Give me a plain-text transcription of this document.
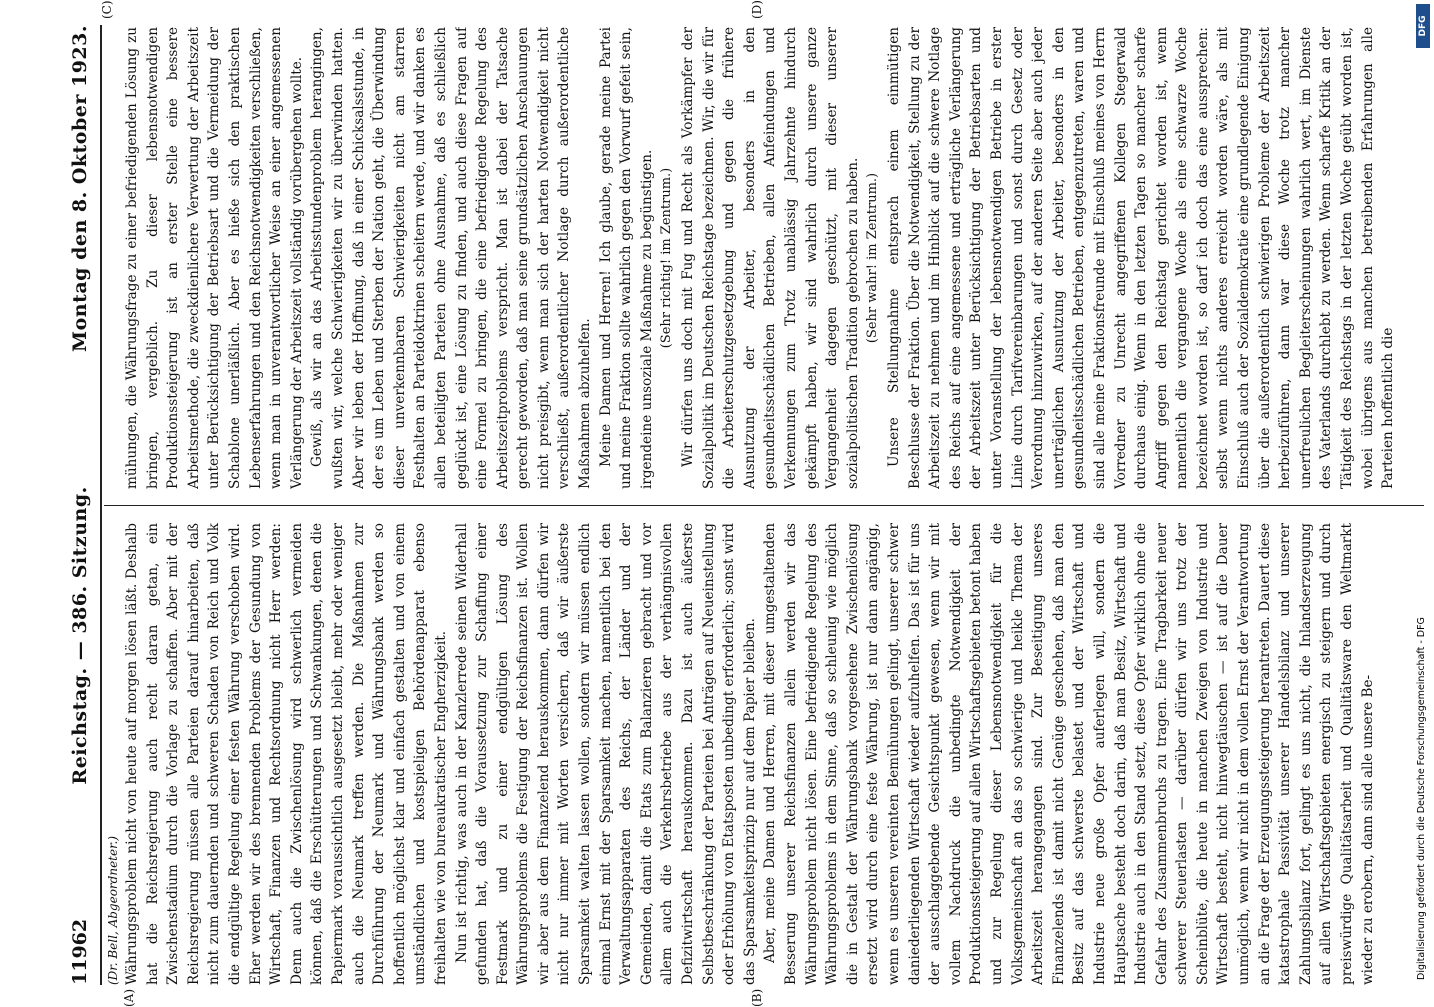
11962
Reichstag. — 386. Sitzung.
Montag den 8. Oktober 1923.
(Dr. Bell, Abgeordneter.)
(A)	(B)
(C)	(D)

Währungsproblem nicht von heute auf morgen lösen läßt. Deshalb hat die Reichsregierung auch recht daran getan, ein Zwischenstadium durch die Vorlage zu schaffen. Aber mit der Reichsregierung müssen alle Parteien darauf hinarbeiten, daß nicht zum dauernden und schweren Schaden von Reich und Volk die endgültige Regelung einer festen Währung verschoben wird. Eher werden wir des brennenden Problems der Gesundung von Wirtschaft, Finanzen und Rechtsordnung nicht Herr werden: Denn auch die Zwischenlösung wird schwerlich vermeiden können, daß die Erschütterungen und Schwankungen, denen die Papiermark voraussichtlich ausgesetzt bleibt, mehr oder weniger auch die Neumark treffen werden. Die Maßnahmen zur Durchführung der Neumark und Währungsbank werden so hoffentlich möglichst klar und einfach gestalten und von einem umständlichen und kostspieligen Behördenapparat ebenso freihalten wie von bureaukratischer Engherzigkeit. Nun ist richtig, was auch in der Kanzlerrede seinen Widerhall gefunden hat, daß die Voraussetzung zur Schaffung einer Festmark und zu einer endgültigen Lösung des Währungsproblems die Festigung der Reichsfinanzen ist. Wollen wir aber aus dem Finanzelend herauskommen, dann dürfen wir nicht nur immer mit Worten versichern, daß wir äußerste Sparsamkeit walten lassen wollen, sondern wir müssen endlich einmal Ernst mit der Sparsamkeit machen, namentlich bei den Verwaltungsapparaten des Reichs, der Länder und der Gemeinden, damit die Etats zum Balanzieren gebracht und vor allem auch die Verkehrsbetriebe aus der verhängnisvollen Defizitwirtschaft herauskommen. Dazu ist auch äußerste Selbstbeschränkung der Parteien bei Anträgen auf Neueinstellung oder Erhöhung von Etatsposten unbedingt erforderlich; sonst wird das Sparsamkeitsprinzip nur auf dem Papier bleiben. Aber, meine Damen und Herren, mit dieser umgestaltenden Besserung unserer Reichsfinanzen allein werden wir das Währungsproblem nicht lösen. Eine befriedigende Regelung des Währungsproblems in dem Sinne, daß so schleunig wie möglich die in Gestalt der Währungsbank vorgesehene Zwischenlösung ersetzt wird durch eine feste Währung, ist nur dann angängig, wenn es unseren vereinten Bemühungen gelingt, unserer schwer daniederliegenden Wirtschaft wieder aufzuhelfen. Das ist für uns der ausschlaggebende Gesichtspunkt gewesen, wenn wir mit vollem Nachdruck die unbedingte Notwendigkeit der Produktionssteigerung auf allen Wirtschaftsgebieten betont haben und zur Regelung dieser Lebensnotwendigkeit für die Volksgemeinschaft an das so schwierige und heikle Thema der Arbeitszeit herangegangen sind. Zur Beseitigung unseres Finanzelends ist damit nicht Genüge geschehen, daß man den Besitz auf das schwerste belastet und der Wirtschaft und Industrie neue große Opfer auferlegen will, sondern die Hauptsache besteht doch darin, daß man Besitz, Wirtschaft und Industrie auch in den Stand setzt, diese Opfer wirklich ohne die Gefahr des Zusammenbruchs zu tragen. Eine Tragbarkeit neuer schwerer Steuerlasten — darüber dürfen wir uns trotz der Scheinblüte, die heute in manchen Zweigen von Industrie und Wirtschaft besteht, nicht hinwegtäuschen — ist auf die Dauer unmöglich, wenn wir nicht in dem vollen Ernst der Verantwortung an die Frage der Erzeugungssteigerung herantreten. Dauert diese katastrophale Passivität unserer Handelsbilanz und unserer Zahlungsbilanz fort, gelingt es uns nicht, die Inlandserzeugung auf allen Wirtschaftsgebieten energisch zu steigern und durch preiswürdige Qualitätsarbeit und Qualitätsware den Weltmarkt wieder zu erobern, dann sind alle unsere Be-

mühungen, die Währungsfrage zu einer befriedigenden Lösung zu bringen, vergeblich. Zu dieser lebensnotwendigen Produktionssteigerung ist an erster Stelle eine bessere Arbeitsmethode, die zweckdienlichere Verwertung der Arbeitszeit unter Berücksichtigung der Betriebsart und die Vermeidung der Schablone unerläßlich. Aber es hieße sich den praktischen Lebenserfahrungen und den Reichsnotwendigkeiten verschließen, wenn man in unverantwortlicher Weise an einer angemessenen Verlängerung der Arbeitszeit vollständig vorübergehen wollte. Gewiß, als wir an das Arbeitsstundenproblem herangingen, wußten wir, welche Schwierigkeiten wir zu überwinden hatten. Aber wir leben der Hoffnung, daß in einer Schicksalsstunde, in der es um Leben und Sterben der Nation geht, die Überwindung dieser unverkennbaren Schwierigkeiten nicht am starren Festhalten an Parteidoktrinen scheitern werde, und wir danken es allen beteiligten Parteien ohne Ausnahme, daß es schließlich geglückt ist, eine Lösung zu finden, und auch diese Fragen auf eine Formel zu bringen, die eine befriedigende Regelung des Arbeitszeitproblems verspricht. Man ist dabei der Tatsache gerecht geworden, daß man seine grundsätzlichen Anschauungen nicht preisgibt, wenn man sich der harten Notwendigkeit nicht verschließt, außerordentlicher Notlage durch außerordentliche Maßnahmen abzuhelfen. Meine Damen und Herren! Ich glaube, gerade meine Partei und meine Fraktion sollte wahrlich gegen den Vorwurf gefeit sein, irgendeine unsoziale Maßnahme zu begünstigen. (Sehr richtig! im Zentrum.) Wir dürfen uns doch mit Fug und Recht als Vorkämpfer der Sozialpolitik im Deutschen Reichstage bezeichnen. Wir, die wir für die Arbeiterschutzgesetzgebung und gegen die frühere Ausnutzung der Arbeiter, besonders in den gesundheitsschädlichen Betrieben, allen Anfeindungen und Verkennungen zum Trotz unablässig Jahrzehnte hindurch gekämpft haben, wir sind wahrlich durch unsere ganze Vergangenheit dagegen geschützt, mit dieser unserer sozialpolitischen Tradition gebrochen zu haben. (Sehr wahr! im Zentrum.) Unsere Stellungnahme entsprach einem einmütigen Beschlusse der Fraktion. Über die Notwendigkeit, Stellung zu der Arbeitszeit zu nehmen und im Hinblick auf die schwere Notlage des Reichs auf eine angemessene und erträgliche Verlängerung der Arbeitszeit unter Berücksichtigung der Betriebsarten und unter Voranstellung der lebensnotwendigen Betriebe in erster Linie durch Tarifvereinbarungen und sonst durch Gesetz oder Verordnung hinzuwirken, auf der anderen Seite aber auch jeder unerträglichen Ausnutzung der Arbeiter, besonders in den gesundheitsschädlichen Betrieben, entgegenzutreten, waren und sind alle meine Fraktionsfreunde mit Einschluß meines von Herrn Vorredner zu Unrecht angegriffenen Kollegen Stegerwald durchaus einig. Wenn in den letzten Tagen so mancher scharfe Angriff gegen den Reichstag gerichtet worden ist, wenn namentlich die vergangene Woche als eine schwarze Woche bezeichnet worden ist, so darf ich doch das eine aussprechen: selbst wenn nichts anderes erreicht worden wäre, als mit Einschluß auch der Sozialdemokratie eine grundlegende Einigung über die außerordentlich schwierigen Probleme der Arbeitszeit herbeizuführen, dann war diese Woche trotz mancher unerfreulichen Begleiterscheinungen wahrlich wert, im Dienste des Vaterlands durchlebt zu werden. Wenn scharfe Kritik an der Tätigkeit des Reichstags in der letzten Woche geübt worden ist, wobei übrigens aus manchen betreibenden Erfahrungen alle Parteien hoffentlich die

DFG
Digitalisierung gefördert durch die Deutsche Forschungsgemeinschaft - DFG
